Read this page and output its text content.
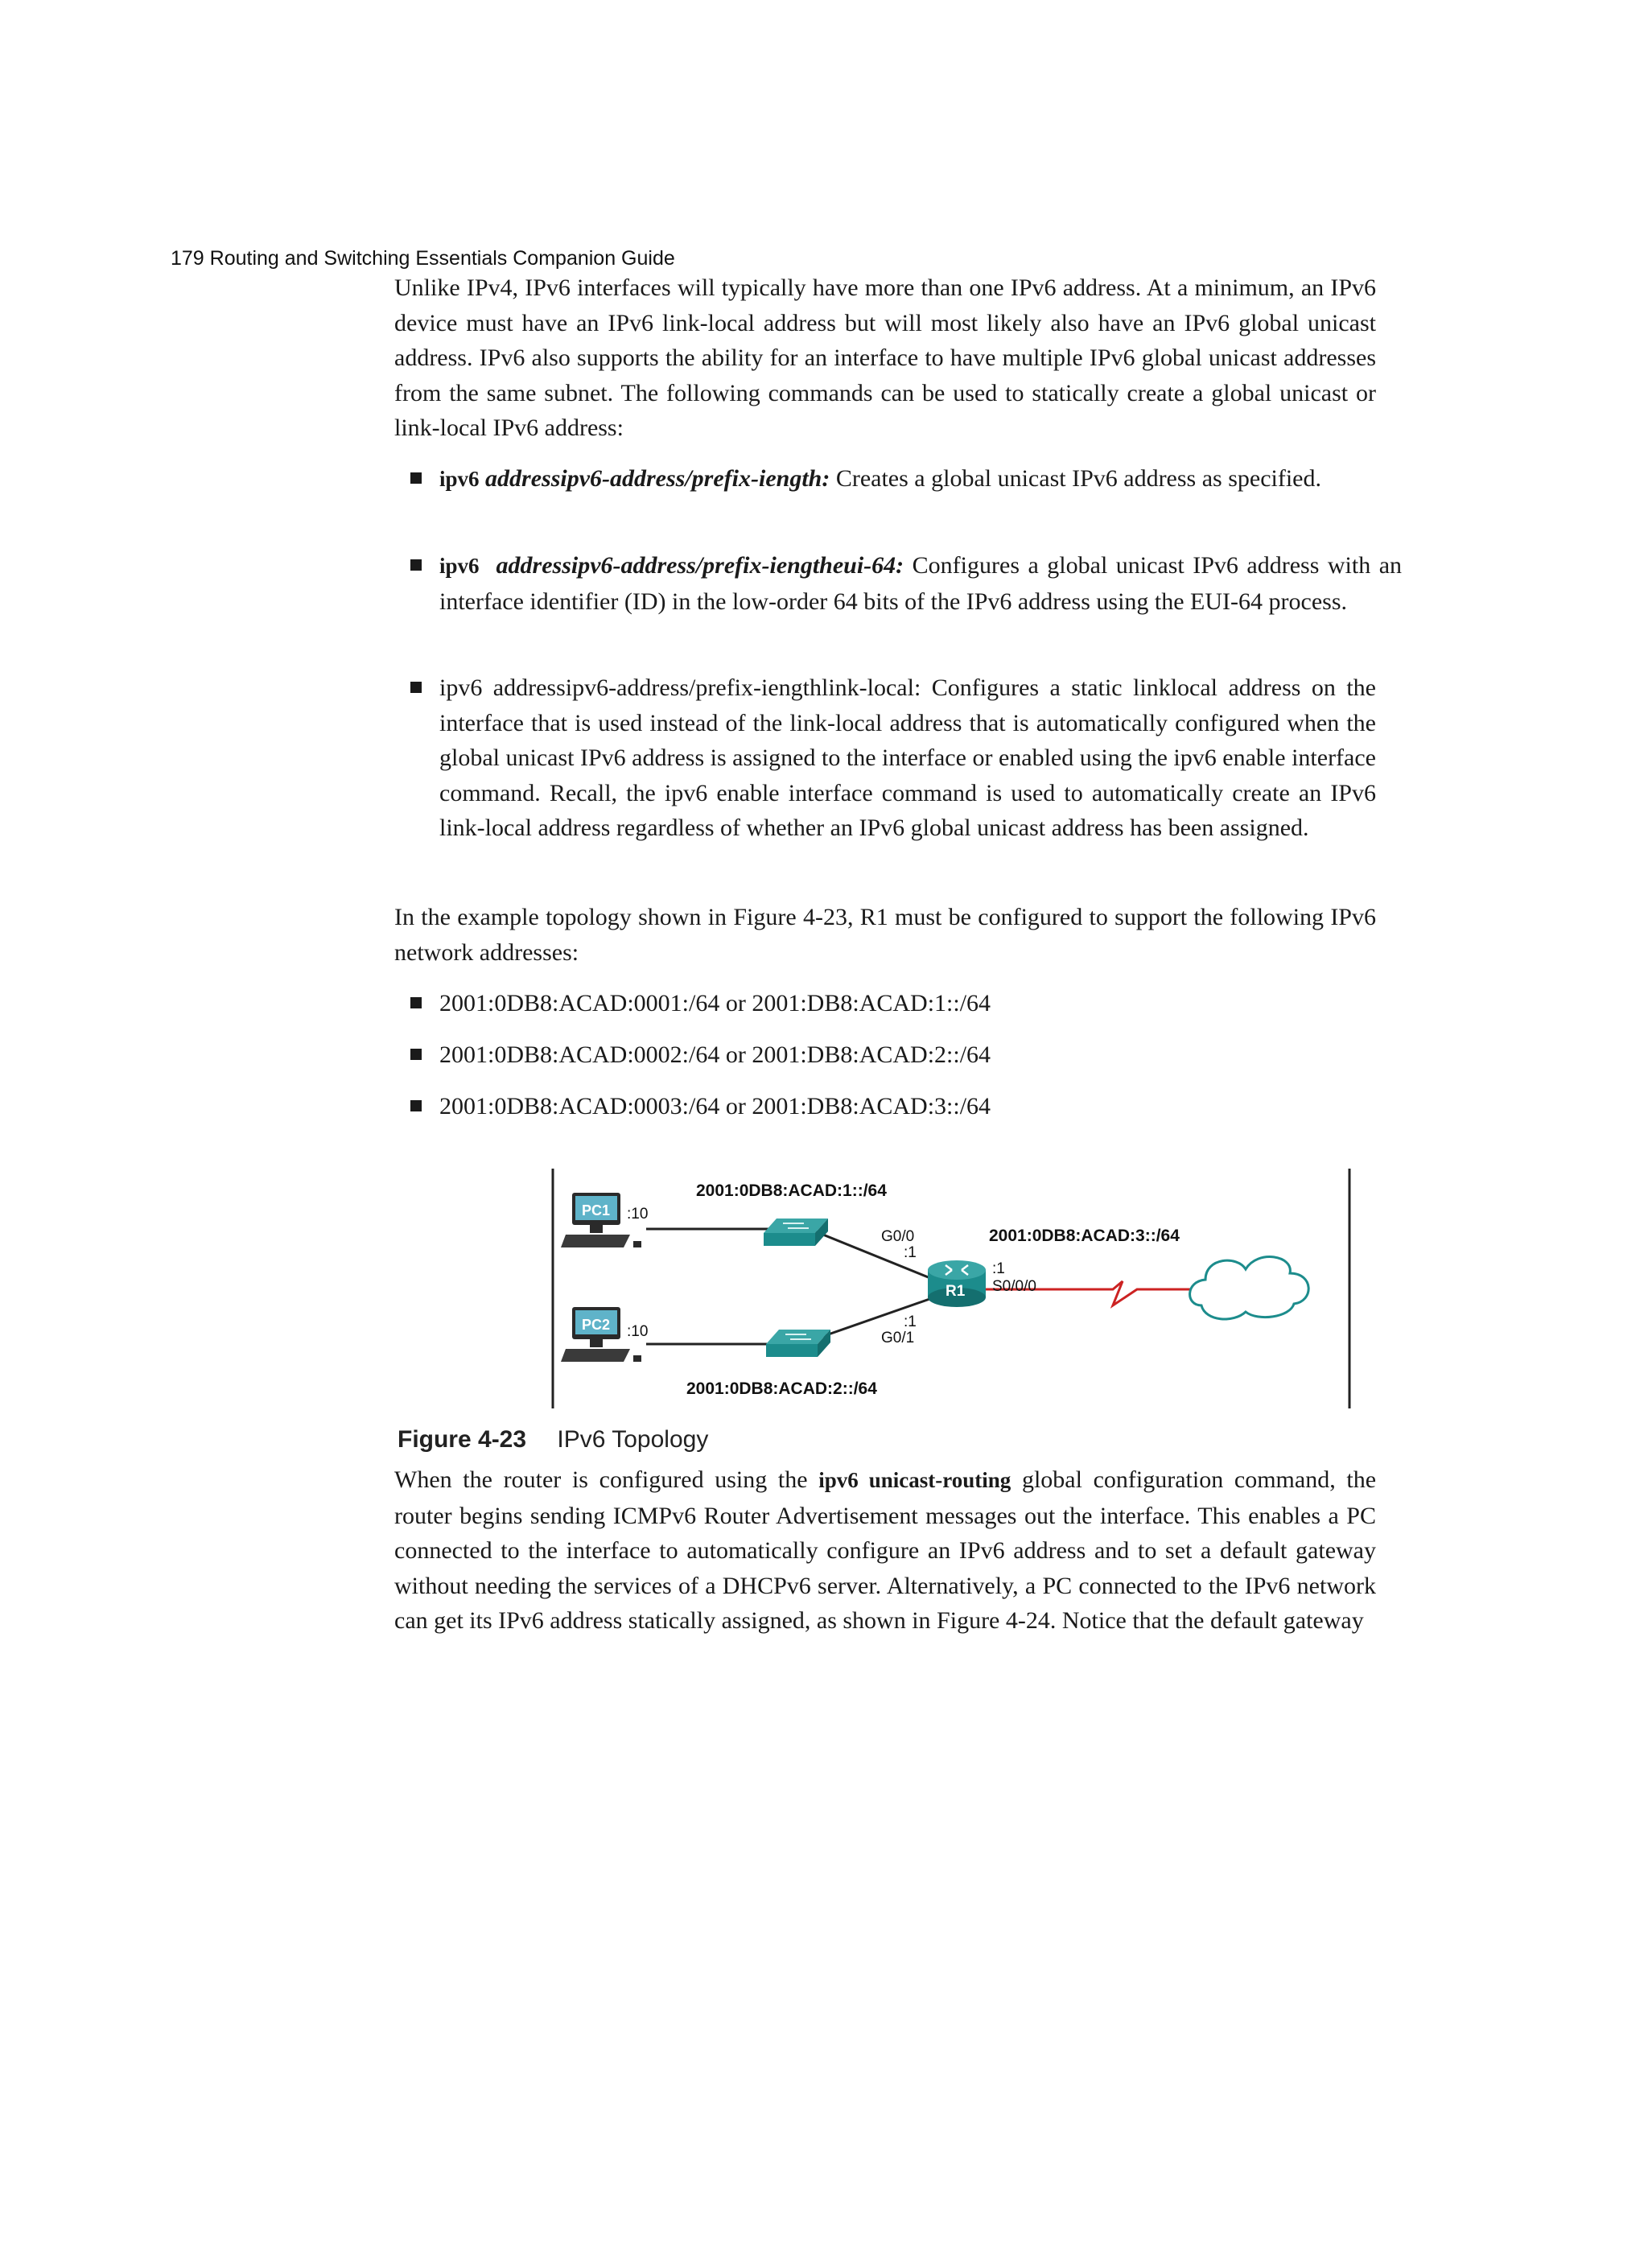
179 Routing and Switching Essentials Companion Guide

Unlike IPv4, IPv6 interfaces will typically have more than one IPv6 address. At a minimum, an IPv6 device must have an IPv6 link-local address but will most likely also have an IPv6 global unicast address. IPv6 also supports the ability for an interface to have multiple IPv6 global unicast addresses from the same subnet. The following commands can be used to statically create a global unicast or link-local IPv6 address:

ipv6 addressipv6-address/prefix-iength: Creates a global unicast IPv6 address as specified.
ipv6 addressipv6-address/prefix-iengtheui-64: Configures a global unicast IPv6 address with an interface identifier (ID) in the low-order 64 bits of the IPv6 address using the EUI-64 process.
ipv6 addressipv6-address/prefix-iengthlink-local: Configures a static linklocal address on the interface that is used instead of the link-local address that is automatically configured when the global unicast IPv6 address is assigned to the interface or enabled using the ipv6 enable interface command. Recall, the ipv6 enable interface command is used to automatically create an IPv6 link-local address regardless of whether an IPv6 global unicast address has been assigned.

In the example topology shown in Figure 4-23, R1 must be configured to support the following IPv6 network addresses:

2001:0DB8:ACAD:0001:/64 or 2001:DB8:ACAD:1::/64
2001:0DB8:ACAD:0002:/64 or 2001:DB8:ACAD:2::/64
2001:0DB8:ACAD:0003:/64 or 2001:DB8:ACAD:3::/64
PC1 :10
PC2 :10
R1
2001:0DB8:ACAD:1::/64
2001:0DB8:ACAD:2::/64
2001:0DB8:ACAD:3::/64
G0/0
:1
:1
G0/1
:1
S0/0/0
Figure 4-23 IPv6 Topology

When the router is configured using the ipv6 unicast-routing global configuration command, the router begins sending ICMPv6 Router Advertisement messages out the interface. This enables a PC connected to the interface to automatically configure an IPv6 address and to set a default gateway without needing the services of a DHCPv6 server. Alternatively, a PC connected to the IPv6 network can get its IPv6 address statically assigned, as shown in Figure 4-24. Notice that the default gateway
